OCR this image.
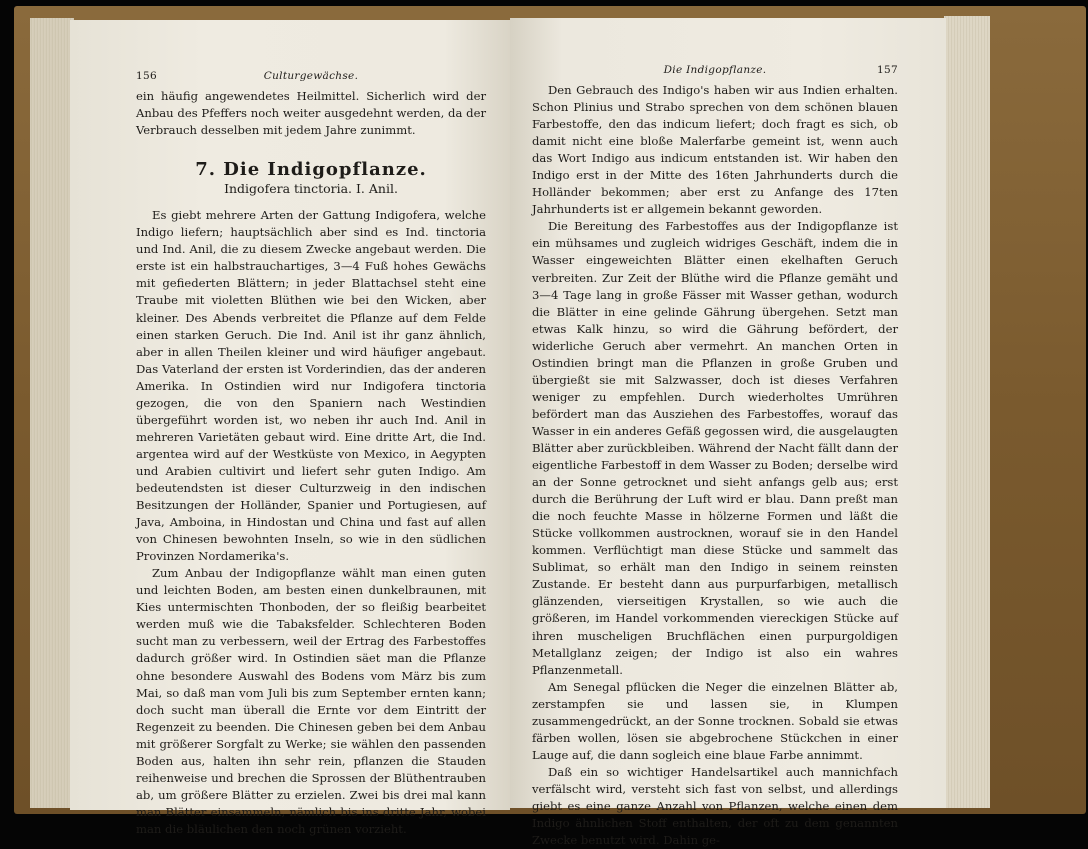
156	Culturgewächse.

ein häufig angewendetes Heilmittel. Sicherlich wird der Anbau des Pfeffers noch weiter ausgedehnt werden, da der Verbrauch desselben mit jedem Jahre zunimmt.

7. Die Indigopflanze.
Indigofera tinctoria. I. Anil.

Es giebt mehrere Arten der Gattung Indigofera, welche Indigo liefern; hauptsächlich aber sind es Ind. tinctoria und Ind. Anil, die zu diesem Zwecke angebaut werden. Die erste ist ein halbstrauchartiges, 3—4 Fuß hohes Gewächs mit gefiederten Blättern; in jeder Blattachsel steht eine Traube mit violetten Blüthen wie bei den Wicken, aber kleiner. Des Abends verbreitet die Pflanze auf dem Felde einen starken Geruch. Die Ind. Anil ist ihr ganz ähnlich, aber in allen Theilen kleiner und wird häufiger angebaut. Das Vaterland der ersten ist Vorderindien, das der anderen Amerika. In Ostindien wird nur Indigofera tinctoria gezogen, die von den Spaniern nach Westindien übergeführt worden ist, wo neben ihr auch Ind. Anil in mehreren Varietäten gebaut wird. Eine dritte Art, die Ind. argentea wird auf der Westküste von Mexico, in Aegypten und Arabien cultivirt und liefert sehr guten Indigo. Am bedeutendsten ist dieser Culturzweig in den indischen Besitzungen der Holländer, Spanier und Portugiesen, auf Java, Amboina, in Hindostan und China und fast auf allen von Chinesen bewohnten Inseln, so wie in den südlichen Provinzen Nordamerika's.

Zum Anbau der Indigopflanze wählt man einen guten und leichten Boden, am besten einen dunkelbraunen, mit Kies untermischten Thonboden, der so fleißig bearbeitet werden muß wie die Tabaksfelder. Schlechteren Boden sucht man zu verbessern, weil der Ertrag des Farbestoffes dadurch größer wird. In Ostindien säet man die Pflanze ohne besondere Auswahl des Bodens vom März bis zum Mai, so daß man vom Juli bis zum September ernten kann; doch sucht man überall die Ernte vor dem Eintritt der Regenzeit zu beenden. Die Chinesen geben bei dem Anbau mit größerer Sorgfalt zu Werke; sie wählen den passenden Boden aus, halten ihn sehr rein, pflanzen die Stauden reihenweise und brechen die Sprossen der Blüthentrauben ab, um größere Blätter zu erzielen. Zwei bis drei mal kann man Blätter einsammeln, nämlich bis ins dritte Jahr, wobei man die bläulichen den noch grünen vorzieht.

Die Indigopflanze.	157

Den Gebrauch des Indigo's haben wir aus Indien erhalten. Schon Plinius und Strabo sprechen von dem schönen blauen Farbestoffe, den das indicum liefert; doch fragt es sich, ob damit nicht eine bloße Malerfarbe gemeint ist, wenn auch das Wort Indigo aus indicum entstanden ist. Wir haben den Indigo erst in der Mitte des 16ten Jahrhunderts durch die Holländer bekommen; aber erst zu Anfange des 17ten Jahrhunderts ist er allgemein bekannt geworden.

Die Bereitung des Farbestoffes aus der Indigopflanze ist ein mühsames und zugleich widriges Geschäft, indem die in Wasser eingeweichten Blätter einen ekelhaften Geruch verbreiten. Zur Zeit der Blüthe wird die Pflanze gemäht und 3—4 Tage lang in große Fässer mit Wasser gethan, wodurch die Blätter in eine gelinde Gährung übergehen. Setzt man etwas Kalk hinzu, so wird die Gährung befördert, der widerliche Geruch aber vermehrt. An manchen Orten in Ostindien bringt man die Pflanzen in große Gruben und übergießt sie mit Salzwasser, doch ist dieses Verfahren weniger zu empfehlen. Durch wiederholtes Umrühren befördert man das Ausziehen des Farbestoffes, worauf das Wasser in ein anderes Gefäß gegossen wird, die ausgelaugten Blätter aber zurückbleiben. Während der Nacht fällt dann der eigentliche Farbestoff in dem Wasser zu Boden; derselbe wird an der Sonne getrocknet und sieht anfangs gelb aus; erst durch die Berührung der Luft wird er blau. Dann preßt man die noch feuchte Masse in hölzerne Formen und läßt die Stücke vollkommen austrocknen, worauf sie in den Handel kommen. Verflüchtigt man diese Stücke und sammelt das Sublimat, so erhält man den Indigo in seinem reinsten Zustande. Er besteht dann aus purpurfarbigen, metallisch glänzenden, vierseitigen Krystallen, so wie auch die größeren, im Handel vorkommenden viereckigen Stücke auf ihren muscheligen Bruchflächen einen purpurgoldigen Metallglanz zeigen; der Indigo ist also ein wahres Pflanzenmetall.

Am Senegal pflücken die Neger die einzelnen Blätter ab, zerstampfen sie und lassen sie, in Klumpen zusammengedrückt, an der Sonne trocknen. Sobald sie etwas färben wollen, lösen sie abgebrochene Stückchen in einer Lauge auf, die dann sogleich eine blaue Farbe annimmt.

Daß ein so wichtiger Handelsartikel auch mannichfach verfälscht wird, versteht sich fast von selbst, und allerdings giebt es eine ganze Anzahl von Pflanzen, welche einen dem Indigo ähnlichen Stoff enthalten, der oft zu dem genannten Zwecke benutzt wird. Dahin ge-
